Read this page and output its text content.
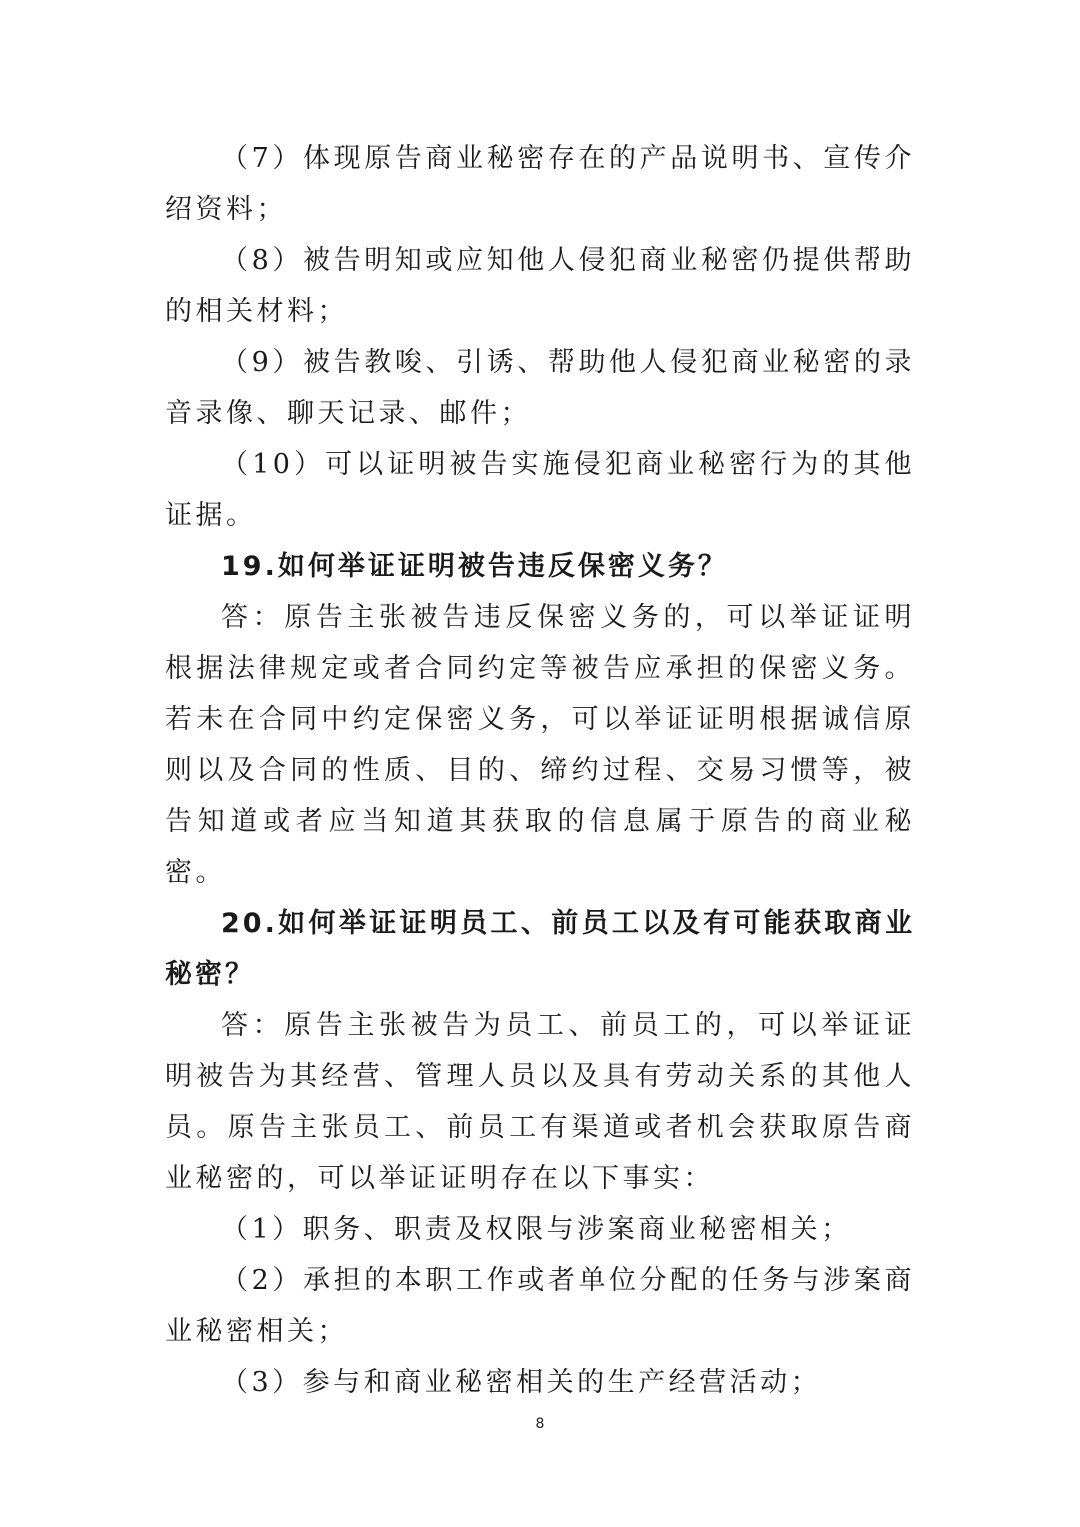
（7）体现原告商业秘密存在的产品说明书、宣传介绍资料；

（8）被告明知或应知他人侵犯商业秘密仍提供帮助的相关材料；

（9）被告教唆、引诱、帮助他人侵犯商业秘密的录音录像、聊天记录、邮件；

（10）可以证明被告实施侵犯商业秘密行为的其他证据。

19.如何举证证明被告违反保密义务？

答：原告主张被告违反保密义务的，可以举证证明根据法律规定或者合同约定等被告应承担的保密义务。若未在合同中约定保密义务，可以举证证明根据诚信原则以及合同的性质、目的、缔约过程、交易习惯等，被告知道或者应当知道其获取的信息属于原告的商业秘密。

20.如何举证证明员工、前员工以及有可能获取商业秘密？

答：原告主张被告为员工、前员工的，可以举证证明被告为其经营、管理人员以及具有劳动关系的其他人员。原告主张员工、前员工有渠道或者机会获取原告商业秘密的，可以举证证明存在以下事实：

（1）职务、职责及权限与涉案商业秘密相关；

（2）承担的本职工作或者单位分配的任务与涉案商业秘密相关；

（3）参与和商业秘密相关的生产经营活动；

8
